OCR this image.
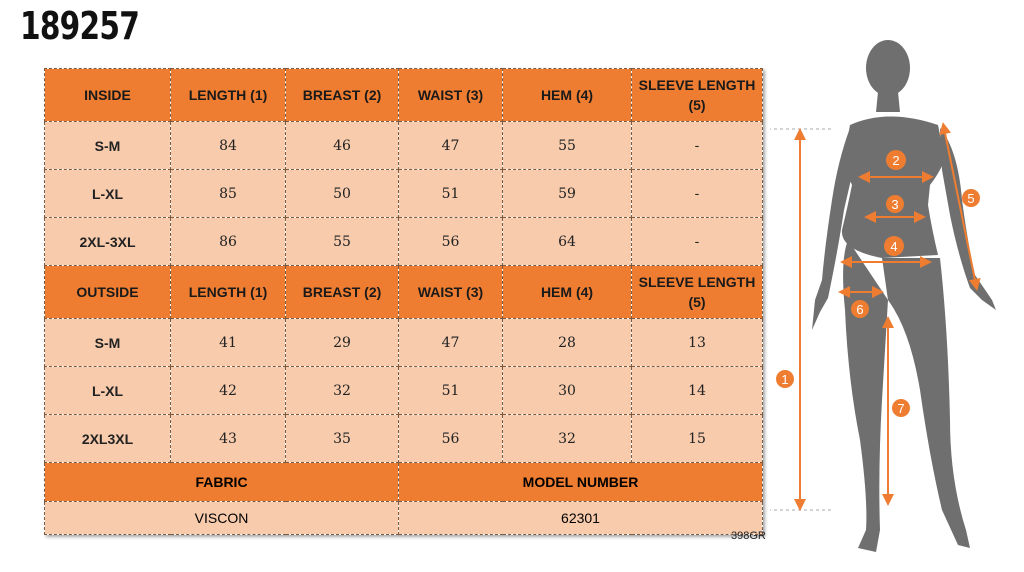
189257
INSIDE	LENGTH (1)	BREAST (2)	WAIST (3)	HEM (4)	SLEEVE LENGTH (5)
S-M	84	46	47	55	-
L-XL	85	50	51	59	-
2XL-3XL	86	55	56	64	-
OUTSIDE	LENGTH (1)	BREAST (2)	WAIST (3)	HEM (4)	SLEEVE LENGTH (5)
S-M	41	29	47	28	13
L-XL	42	32	51	30	14
2XL3XL	43	35	56	32	15
FABRIC			MODEL NUMBER		
VISCON			62301		
398GR
1
2
3
4
5
6
7
